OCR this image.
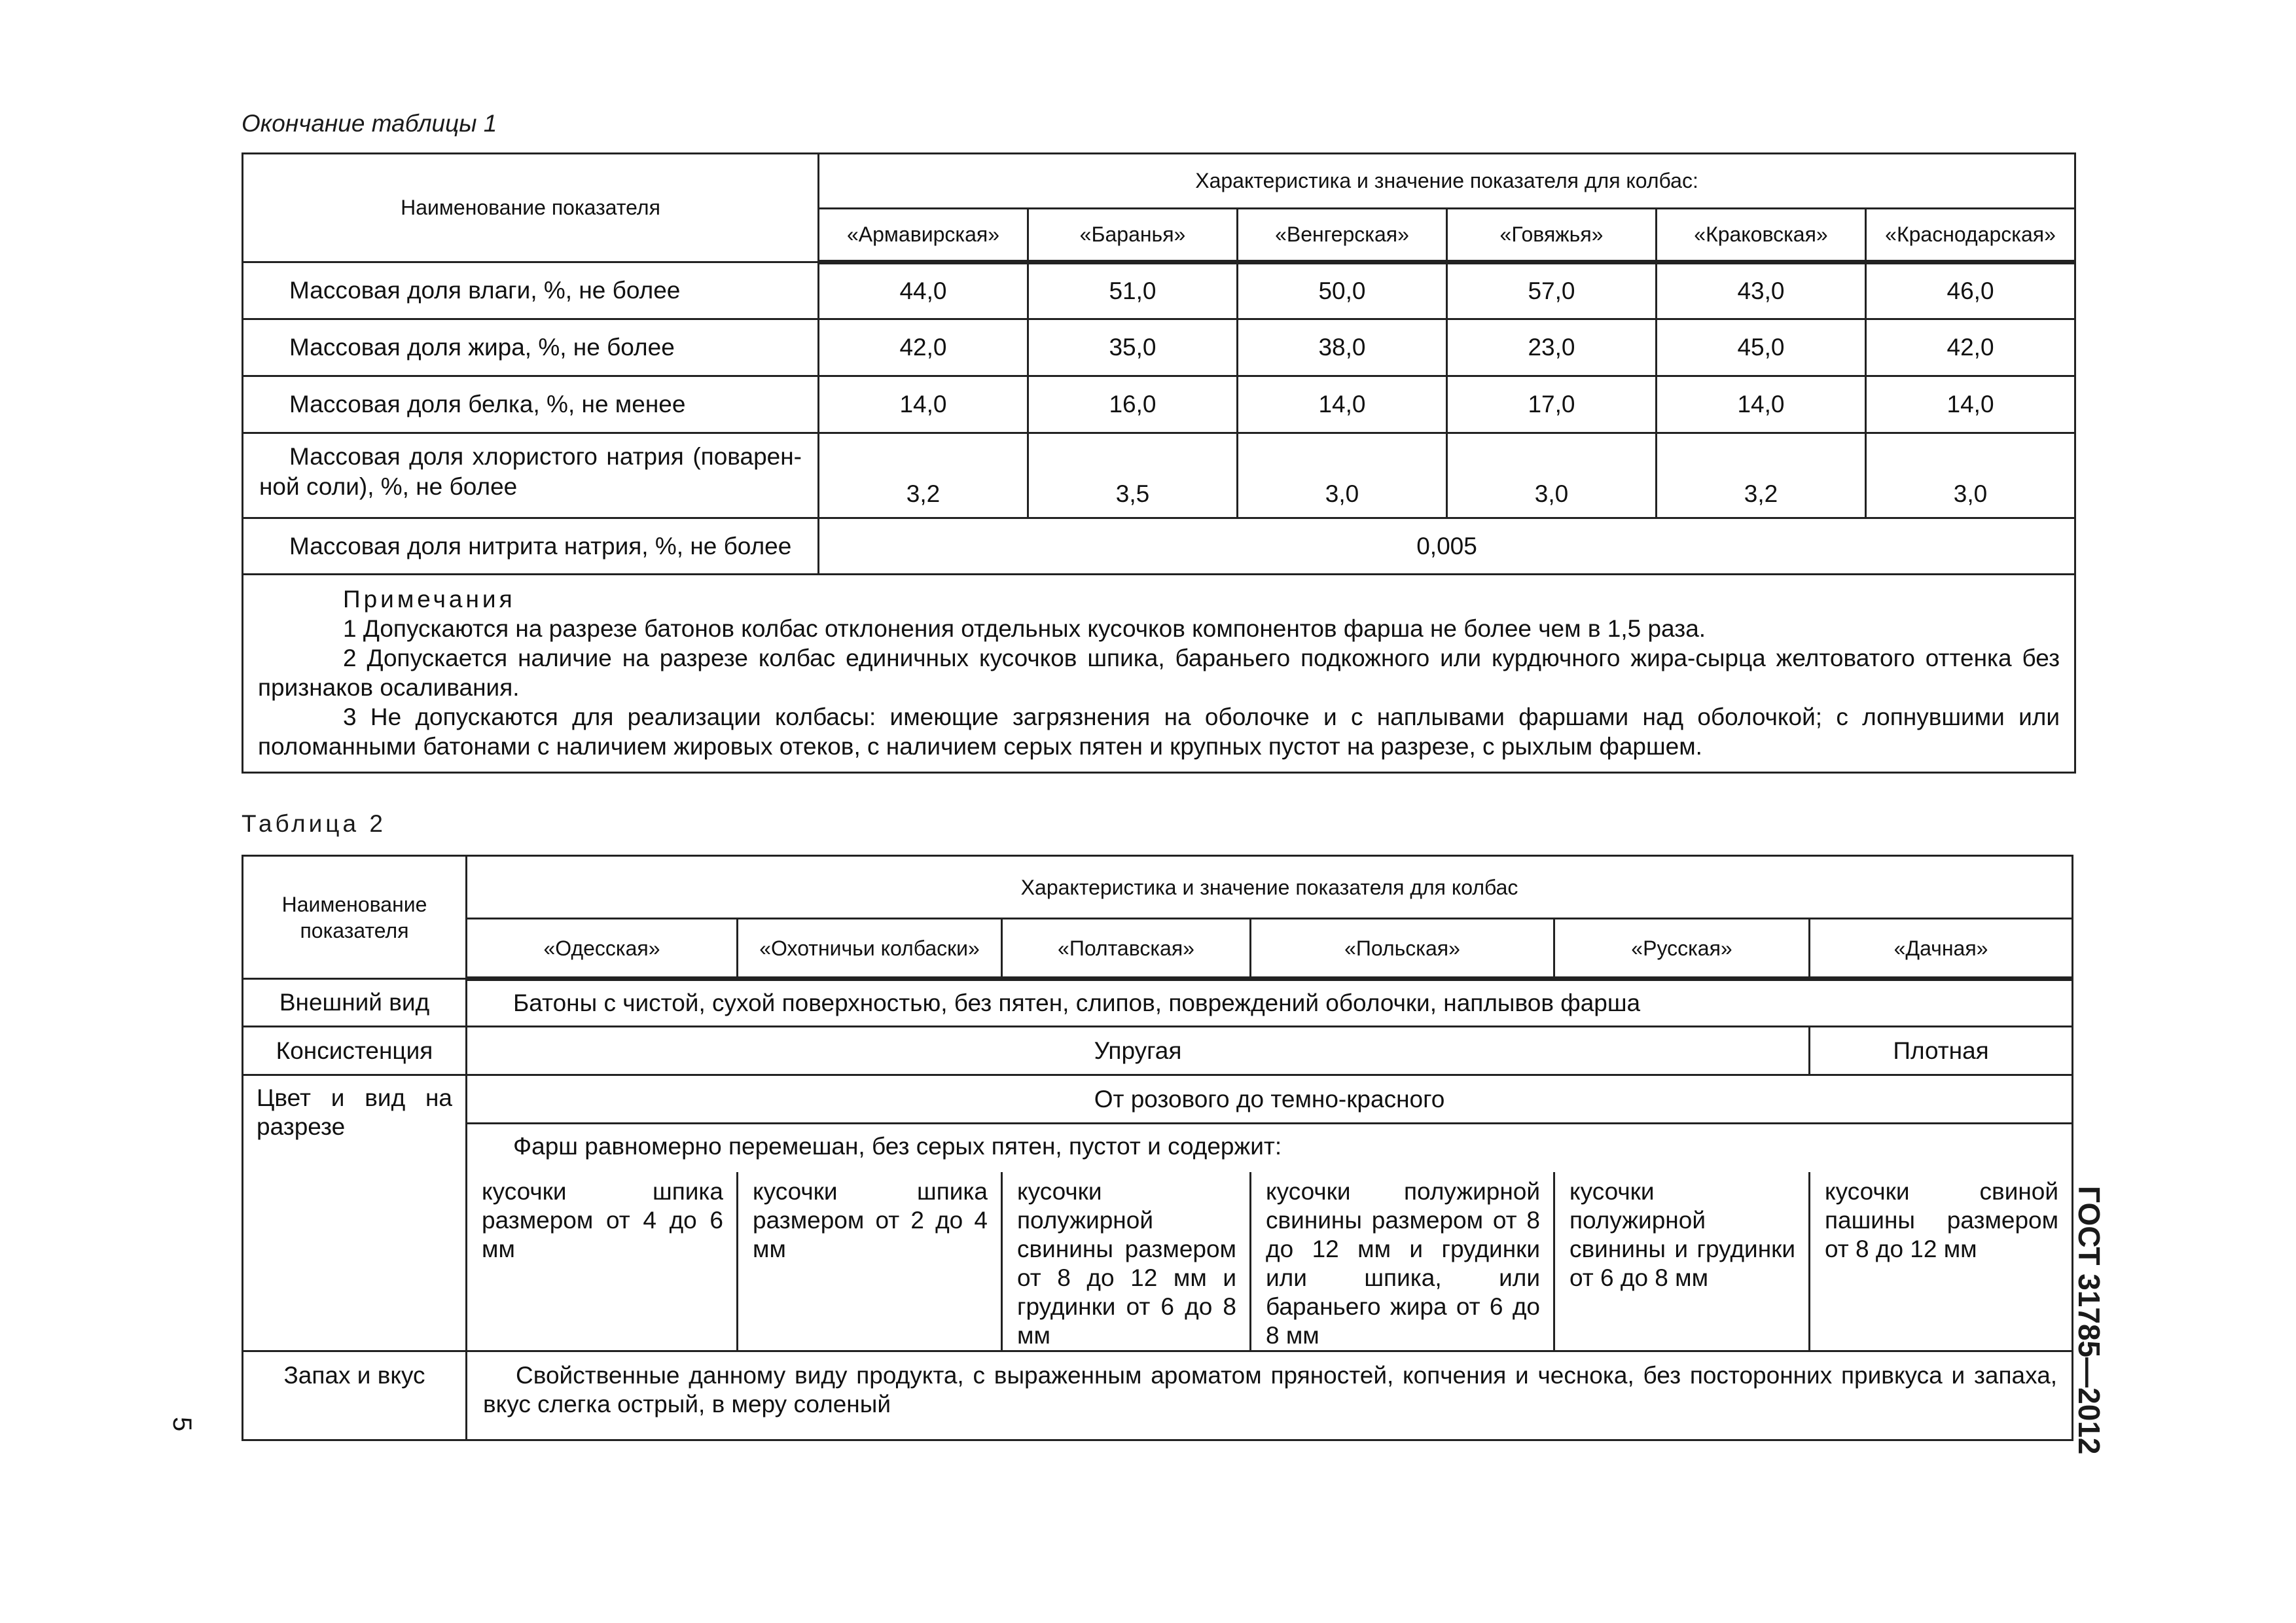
Окончание таблицы 1
Наименование показателя	Характеристика и значение показателя для колбас:					
	«Армавирская»	«Баранья»	«Венгерская»	«Говяжья»	«Краковская»	«Краснодарская»
Массовая доля влаги, %, не более	44,0	51,0	50,0	57,0	43,0	46,0
Массовая доля жира, %, не более	42,0	35,0	38,0	23,0	45,0	42,0
Массовая доля белка, %, не менее	14,0	16,0	14,0	17,0	14,0	14,0

Массовая доля хлористого натрия (поварен-
ной соли), %, не более	3,2	3,5	3,0	3,0	3,2	3,0
Массовая доля нитрита натрия, %, не более	0,005					

Примечания

1 Допускаются на разрезе батонов колбас отклонения отдельных кусочков компонентов фарша не более чем в 1,5 раза.

2 Допускается наличие на разрезе колбас единичных кусочков шпика, бараньего подкожного или курдючного жира-сырца желтоватого оттенка без признаков осаливания.

3 Не допускаются для реализации колбасы: имеющие загрязнения на оболочке и с наплывами фаршами над оболочкой; с лопнувшими или поломанными батонами с наличием жировых отеков, с наличием серых пятен и крупных пустот на разрезе, с рыхлым фаршем.						

Таблица 2
Наименование показателя	Характеристика и значение показателя для колбас					
	«Одесская»	«Охотничьи колбаски»	«Полтавская»	«Польская»	«Русская»	«Дачная»
Внешний вид	Батоны с чистой, сухой поверхностью, без пятен, слипов, повреждений оболочки, наплывов фарша					
Консистенция	Упругая					Плотная
Цвет и вид на разрезе	От розового до темно-красного					
	Фарш равномерно перемешан, без серых пятен, пустот и содержит:					
	кусочки шпика размером от 4 до 6 мм	кусочки шпика размером от 2 до 4 мм	кусочки полужирной свинины размером от 8 до 12 мм и грудинки от 6 до 8 мм	кусочки полужирной свинины размером от 8 до 12 мм и грудинки или шпика, или бараньего жира от 6 до 8 мм	кусочки полужирной свинины и грудинки от 6 до 8 мм	кусочки свиной пашины размером от 8 до 12 мм
Запах и вкус	Свойственные данному виду продукта, с выраженным ароматом пряностей, копчения и чеснока, без посторонних привкуса и запаха, вкус слегка острый, в меру соленый						ГОСТ 31785—2012
5
